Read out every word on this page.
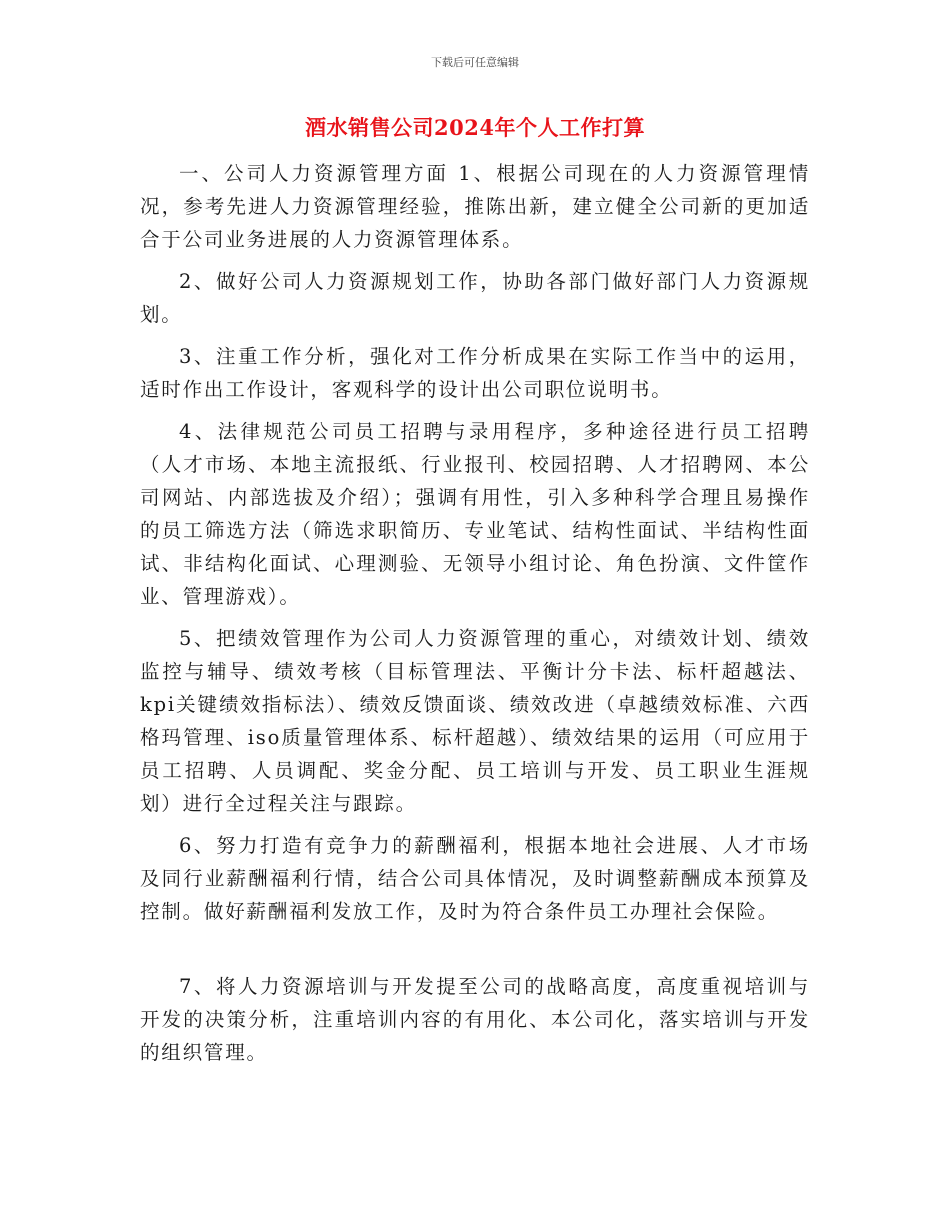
下载后可任意编辑
酒水销售公司2024年个人工作打算

一、公司人力资源管理方面 1、根据公司现在的人力资源管理情况，参考先进人力资源管理经验，推陈出新，建立健全公司新的更加适合于公司业务进展的人力资源管理体系。

2、做好公司人力资源规划工作，协助各部门做好部门人力资源规划。

3、注重工作分析，强化对工作分析成果在实际工作当中的运用，适时作出工作设计，客观科学的设计出公司职位说明书。

4、法律规范公司员工招聘与录用程序，多种途径进行员工招聘（人才市场、本地主流报纸、行业报刊、校园招聘、人才招聘网、本公司网站、内部选拔及介绍）；强调有用性，引入多种科学合理且易操作的员工筛选方法（筛选求职简历、专业笔试、结构性面试、半结构性面试、非结构化面试、心理测验、无领导小组讨论、角色扮演、文件筐作业、管理游戏）。

5、把绩效管理作为公司人力资源管理的重心，对绩效计划、绩效监控与辅导、绩效考核（目标管理法、平衡计分卡法、标杆超越法、kpi关键绩效指标法）、绩效反馈面谈、绩效改进（卓越绩效标准、六西格玛管理、iso质量管理体系、标杆超越）、绩效结果的运用（可应用于员工招聘、人员调配、奖金分配、员工培训与开发、员工职业生涯规划）进行全过程关注与跟踪。

6、努力打造有竞争力的薪酬福利，根据本地社会进展、人才市场及同行业薪酬福利行情，结合公司具体情况，及时调整薪酬成本预算及控制。做好薪酬福利发放工作，及时为符合条件员工办理社会保险。

7、将人力资源培训与开发提至公司的战略高度，高度重视培训与开发的决策分析，注重培训内容的有用化、本公司化，落实培训与开发的组织管理。
